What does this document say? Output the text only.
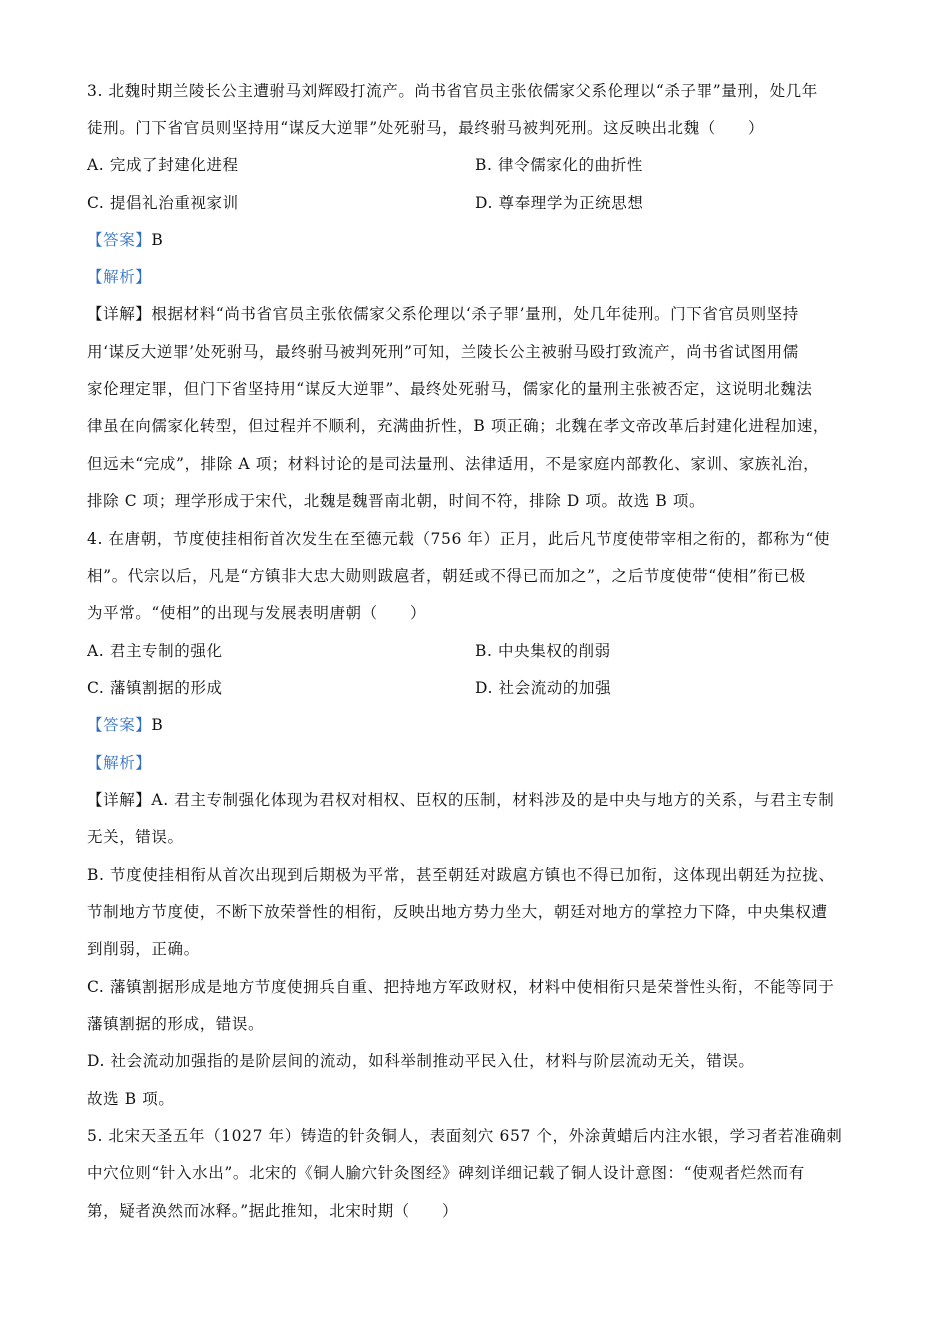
3. 北魏时期兰陵长公主遭驸马刘辉殴打流产。尚书省官员主张依儒家父系伦理以“杀子罪”量刑，处几年
徒刑。门下省官员则坚持用“谋反大逆罪”处死驸马，最终驸马被判死刑。这反映出北魏（　　）
A. 完成了封建化进程	B. 律令儒家化的曲折性
C. 提倡礼治重视家训	D. 尊奉理学为正统思想
【答案】B
【解析】
【详解】根据材料“尚书省官员主张依儒家父系伦理以‘杀子罪’量刑，处几年徒刑。门下省官员则坚持
用‘谋反大逆罪’处死驸马，最终驸马被判死刑”可知，兰陵长公主被驸马殴打致流产，尚书省试图用儒
家伦理定罪，但门下省坚持用“谋反大逆罪”、最终处死驸马，儒家化的量刑主张被否定，这说明北魏法
律虽在向儒家化转型，但过程并不顺利，充满曲折性，B 项正确；北魏在孝文帝改革后封建化进程加速，
但远未“完成”，排除 A 项；材料讨论的是司法量刑、法律适用，不是家庭内部教化、家训、家族礼治，
排除 C 项；理学形成于宋代，北魏是魏晋南北朝，时间不符，排除 D 项。故选 B 项。
4. 在唐朝，节度使挂相衔首次发生在至德元载（756 年）正月，此后凡节度使带宰相之衔的，都称为“使
相”。代宗以后，凡是“方镇非大忠大勋则跋扈者，朝廷或不得已而加之”，之后节度使带“使相”衔已极
为平常。“使相”的出现与发展表明唐朝（　　）
A. 君主专制的强化	B. 中央集权的削弱
C. 藩镇割据的形成	D. 社会流动的加强
【答案】B
【解析】
【详解】A. 君主专制强化体现为君权对相权、臣权的压制，材料涉及的是中央与地方的关系，与君主专制
无关，错误。
B. 节度使挂相衔从首次出现到后期极为平常，甚至朝廷对跋扈方镇也不得已加衔，这体现出朝廷为拉拢、
节制地方节度使，不断下放荣誉性的相衔，反映出地方势力坐大，朝廷对地方的掌控力下降，中央集权遭
到削弱，正确。
C. 藩镇割据形成是地方节度使拥兵自重、把持地方军政财权，材料中使相衔只是荣誉性头衔，不能等同于
藩镇割据的形成，错误。
D. 社会流动加强指的是阶层间的流动，如科举制推动平民入仕，材料与阶层流动无关，错误。
故选 B 项。
5. 北宋天圣五年（1027 年）铸造的针灸铜人，表面刻穴 657 个，外涂黄蜡后内注水银，学习者若准确刺
中穴位则“针入水出”。北宋的《铜人腧穴针灸图经》碑刻详细记载了铜人设计意图：“使观者烂然而有
第，疑者涣然而冰释。”据此推知，北宋时期（　　）
